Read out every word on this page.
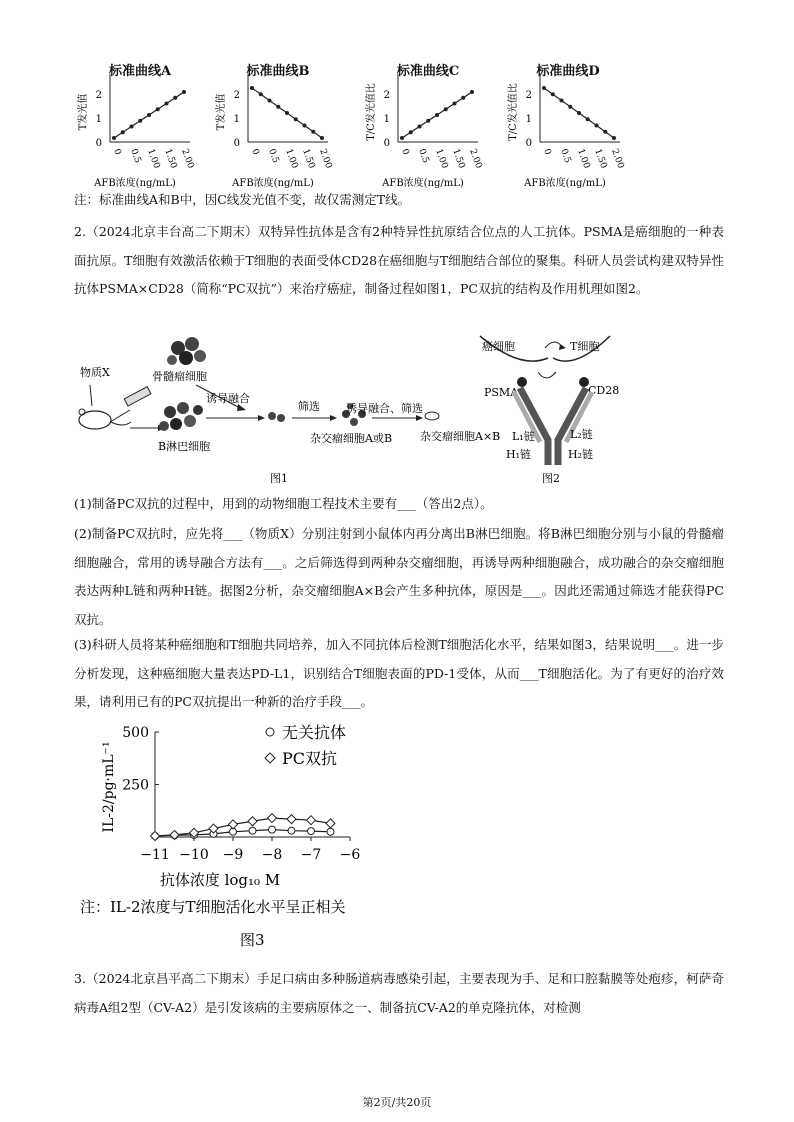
标准曲线A	标准曲线B	标准曲线C	标准曲线D
0
1
2
0 0.5 1.00 1.50 2.00
T发光值
AFB浓度(ng/mL)
0
1
2
0 0.5 1.00 1.50 2.00
T发光值
AFB浓度(ng/mL)
0
1
2
0 0.5 1.00 1.50 2.00
T/C发光值比
AFB浓度(ng/mL)
0
1
2
0 0.5 1.00 1.50 2.00
T/C发光值比
AFB浓度(ng/mL)
注：标准曲线A和B中，因C线发光值不变，故仅需测定T线。
2.（2024北京丰台高二下期末）双特异性抗体是含有2种特异性抗原结合位点的人工抗体。PSMA是癌细胞的一种表面抗原。T细胞有效激活依赖于T细胞的表面受体CD28在癌细胞与T细胞结合部位的聚集。科研人员尝试构建双特异性抗体PSMA×CD28（简称“PC双抗”）来治疗癌症，制备过程如图1，PC双抗的结构及作用机理如图2。
物质X	骨髓瘤细胞
B淋巴细胞
诱导融合
筛选
杂交瘤细胞A或B
诱导融合、筛选
杂交瘤细胞A×B
图1
癌细胞	T细胞
PSMA	CD28
L₁链
H₁链
L₂链
H₂链
图2
(1)制备PC双抗的过程中，用到的动物细胞工程技术主要有___（答出2点）。
(2)制备PC双抗时，应先将___（物质X）分别注射到小鼠体内再分离出B淋巴细胞。将B淋巴细胞分别与小鼠的骨髓瘤细胞融合，常用的诱导融合方法有___。之后筛选得到两种杂交瘤细胞，再诱导两种细胞融合，成功融合的杂交瘤细胞表达两种L链和两种H链。据图2分析，杂交瘤细胞A×B会产生多种抗体，原因是___。因此还需通过筛选才能获得PC双抗。
(3)科研人员将某种癌细胞和T细胞共同培养，加入不同抗体后检测T细胞活化水平，结果如图3，结果说明___。进一步分析发现，这种癌细胞大量表达PD-L1，识别结合T细胞表面的PD-1受体，从而___T细胞活化。为了有更好的治疗效果，请利用已有的PC双抗提出一种新的治疗手段___。
500
250
−11 −10 −9 −8 −7 −6
抗体浓度 log₁₀ M
IL-2/pg·mL⁻¹
无关抗体
PC双抗
注：IL-2浓度与T细胞活化水平呈正相关
图3
3.（2024北京昌平高二下期末）手足口病由多种肠道病毒感染引起，主要表现为手、足和口腔黏膜等处疱疹，柯萨奇病毒A组2型（CV-A2）是引发该病的主要病原体之一、制备抗CV-A2的单克隆抗体，对检测
第2页/共20页
